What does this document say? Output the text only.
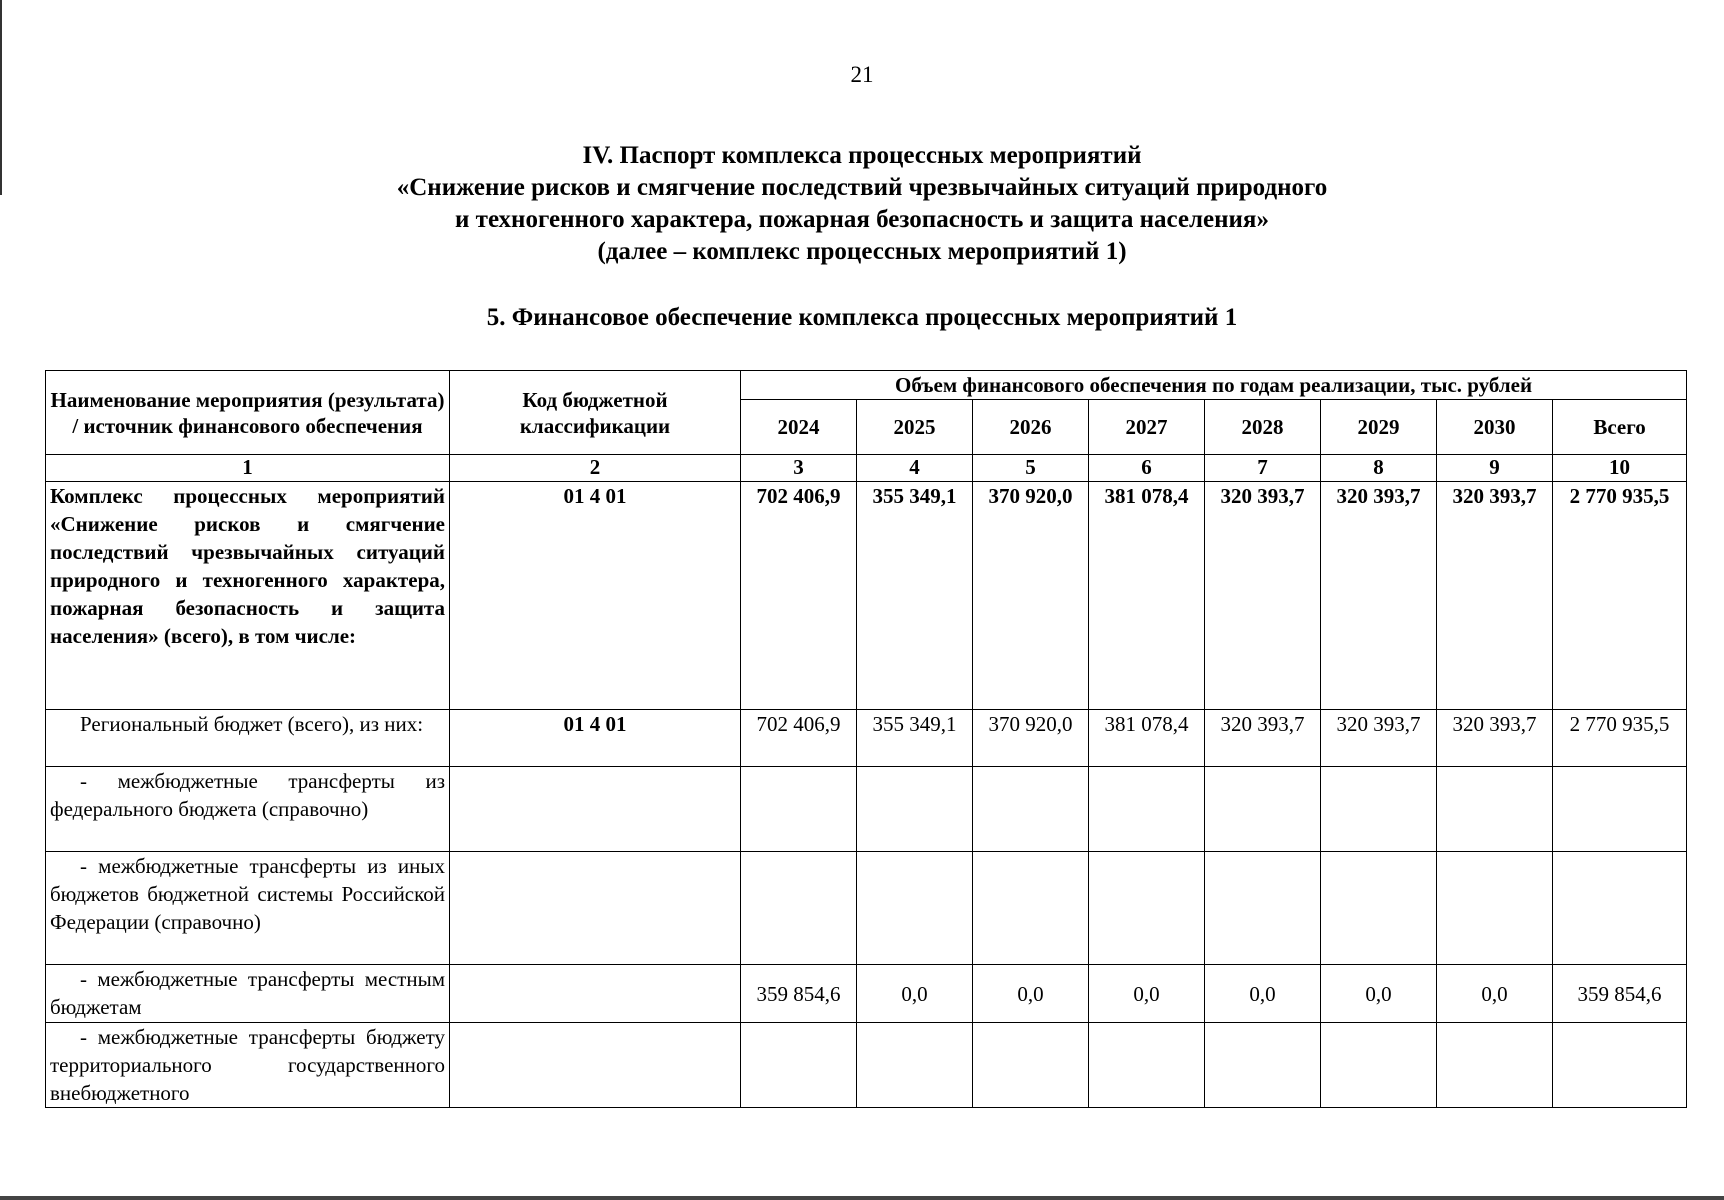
21
IV. Паспорт комплекса процессных мероприятий
«Снижение рисков и смягчение последствий чрезвычайных ситуаций природного
и техногенного характера, пожарная безопасность и защита населения»
(далее – комплекс процессных мероприятий 1)
5. Финансовое обеспечение комплекса процессных мероприятий 1
Наименование мероприятия (результата) / источник финансового обеспечения	Код бюджетной классификации	Объем финансового обеспечения по годам реализации, тыс. рублей							
		2024	2025	2026	2027	2028	2029	2030	Всего
1	2	3	4	5	6	7	8	9	10
Комплекс процессных мероприятий «Снижение рисков и смягчение последствий чрезвычайных ситуаций природного и техногенного характера, пожарная безопасность и защита населения» (всего), в том числе:	01 4 01	702 406,9	355 349,1	370 920,0	381 078,4	320 393,7	320 393,7	320 393,7	2 770 935,5
Региональный бюджет (всего), из них:	01 4 01	702 406,9	355 349,1	370 920,0	381 078,4	320 393,7	320 393,7	320 393,7	2 770 935,5
- межбюджетные трансферты из федерального бюджета (справочно)									
- межбюджетные трансферты из иных бюджетов бюджетной системы Российской Федерации (справочно)									
- межбюджетные трансферты местным бюджетам		359 854,6	0,0	0,0	0,0	0,0	0,0	0,0	359 854,6
- межбюджетные трансферты бюджету территориального государственного внебюджетного									
